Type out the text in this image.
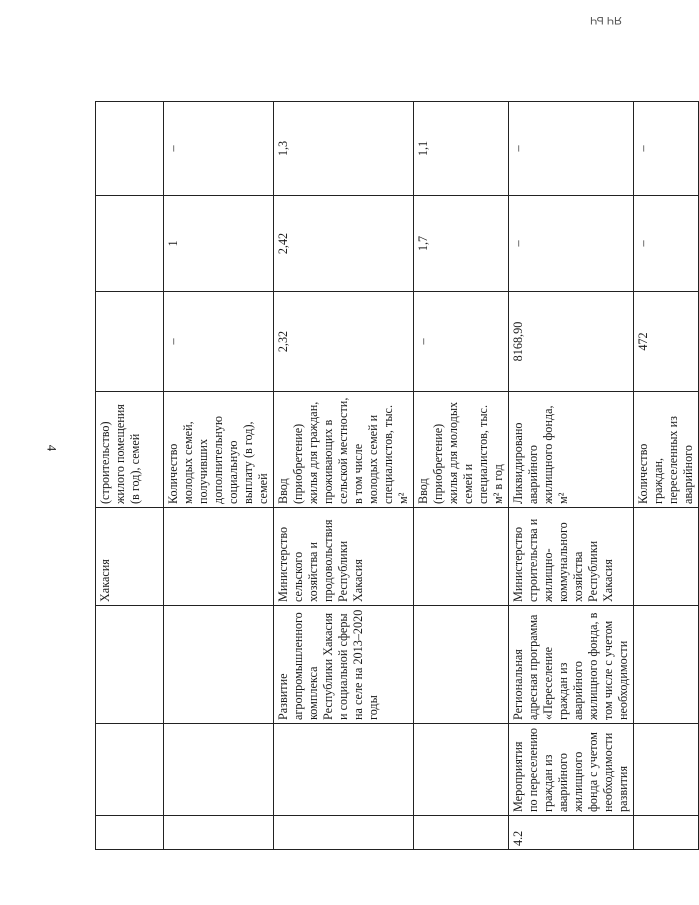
ЯЧ ЬЧ
4
			Хакасия	(строительство) жилого помещения (в год), семей			
				Количество молодых семей, получивших дополнительную социальную выплату (в год), семей	–	1	–
		Развитие агропромышленного комплекса Республики Хакасия и социальной сферы на селе на 2013–2020 годы	Министерство сельского хозяйства и продовольствия Республики Хакасия	Ввод (приобретение) жилья для граждан, проживающих в сельской местности, в том числе молодых семей и специалистов, тыс. м²	2,32	2,42	1,3
				Ввод (приобретение) жилья для молодых семей и специалистов, тыс. м² в год	–	1,7	1,1
4.2	Мероприятия по переселению граждан из аварийного жилищного фонда с учетом необходимости развития	Региональная адресная программа «Переселение граждан из аварийного жилищного фонда, в том числе с учетом необходимости	Министерство строительства и жилищно-коммунального хозяйства Республики Хакасия	Ликвидировано аварийного жилищного фонда, м²	8168,90	–	–
				Количество граждан, переселенных из аварийного	472	–	–
